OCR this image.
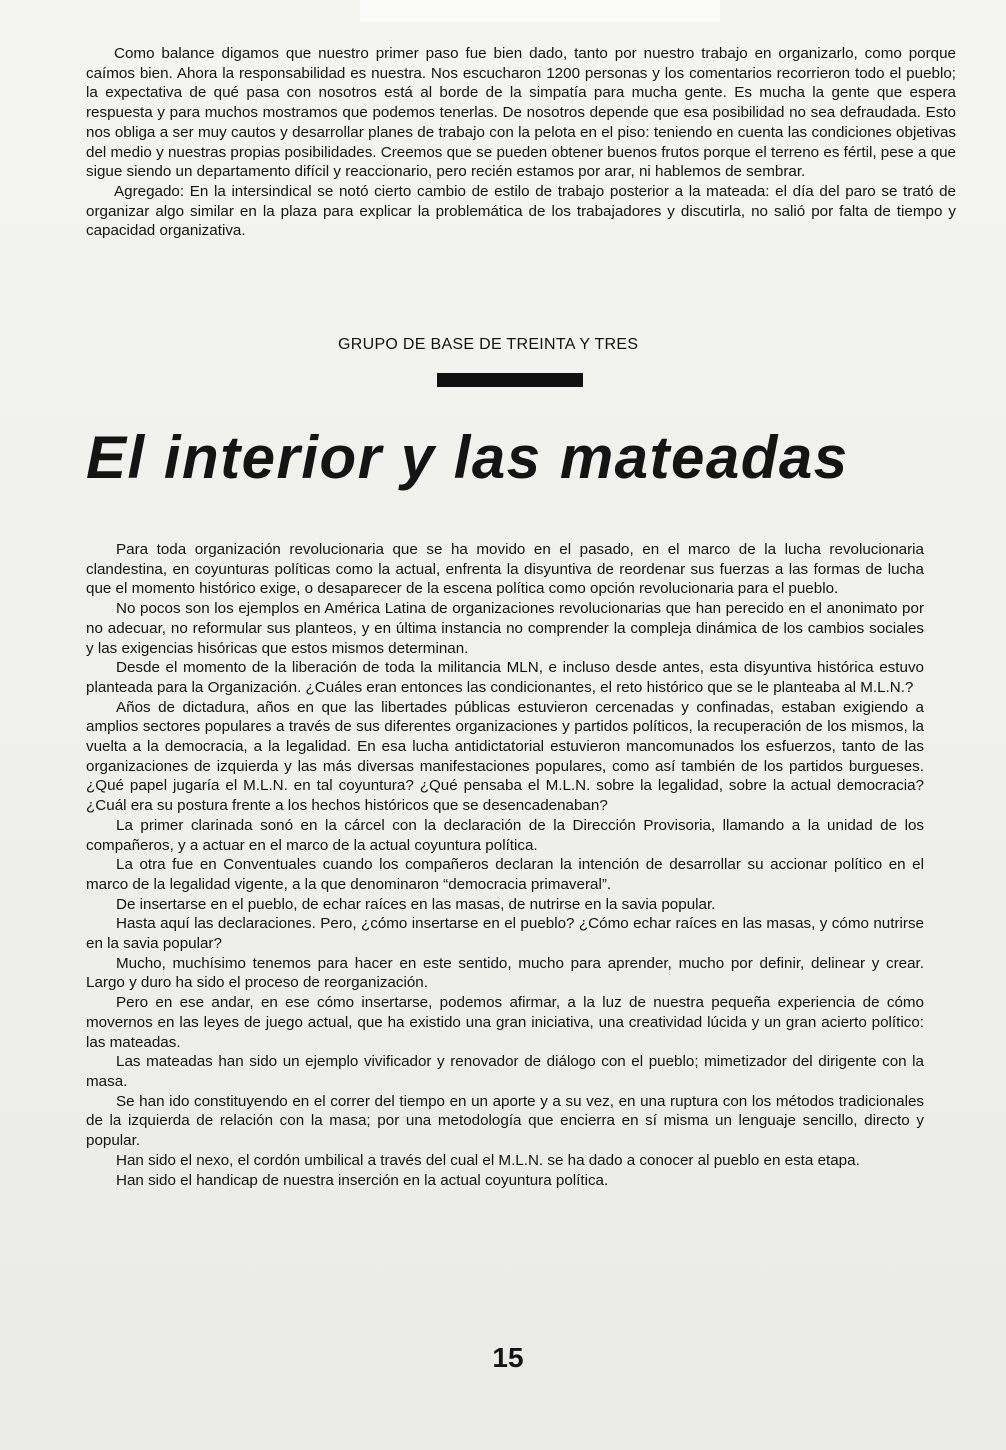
Como balance digamos que nuestro primer paso fue bien dado, tanto por nuestro trabajo en organizarlo, como porque caímos bien. Ahora la responsabilidad es nuestra. Nos escucharon 1200 personas y los comentarios recorrieron todo el pueblo; la expectativa de qué pasa con nosotros está al borde de la simpatía para mucha gente. Es mucha la gente que espera respuesta y para muchos mostramos que podemos tenerlas. De nosotros depende que esa posibilidad no sea defraudada. Esto nos obliga a ser muy cautos y desarrollar planes de trabajo con la pelota en el piso: teniendo en cuenta las condiciones objetivas del medio y nuestras propias posibilidades. Creemos que se pueden obtener buenos frutos porque el terreno es fértil, pese a que sigue siendo un departamento difícil y reaccionario, pero recién estamos por arar, ni hablemos de sembrar.

Agregado: En la intersindical se notó cierto cambio de estilo de trabajo posterior a la mateada: el día del paro se trató de organizar algo similar en la plaza para explicar la problemática de los trabajadores y discutirla, no salió por falta de tiempo y capacidad organizativa.

GRUPO DE BASE DE TREINTA Y TRES
El interior y las mateadas

Para toda organización revolucionaria que se ha movido en el pasado, en el marco de la lucha revolucionaria clandestina, en coyunturas políticas como la actual, enfrenta la disyuntiva de reordenar sus fuerzas a las formas de lucha que el momento histórico exige, o desaparecer de la escena política como opción revolucionaria para el pueblo.

No pocos son los ejemplos en América Latina de organizaciones revolucionarias que han perecido en el anonimato por no adecuar, no reformular sus planteos, y en última instancia no comprender la compleja dinámica de los cambios sociales y las exigencias hisóricas que estos mismos determinan.

Desde el momento de la liberación de toda la militancia MLN, e incluso desde antes, esta disyuntiva histórica estuvo planteada para la Organización. ¿Cuáles eran entonces las condicionantes, el reto histórico que se le planteaba al M.L.N.?

Años de dictadura, años en que las libertades públicas estuvieron cercenadas y confinadas, estaban exigiendo a amplios sectores populares a través de sus diferentes organizaciones y partidos políticos, la recuperación de los mismos, la vuelta a la democracia, a la legalidad. En esa lucha antidictatorial estuvieron mancomunados los esfuerzos, tanto de las organizaciones de izquierda y las más diversas manifestaciones populares, como así también de los partidos burgueses. ¿Qué papel jugaría el M.L.N. en tal coyuntura? ¿Qué pensaba el M.L.N. sobre la legalidad, sobre la actual democracia? ¿Cuál era su postura frente a los hechos históricos que se desencadenaban?

La primer clarinada sonó en la cárcel con la declaración de la Dirección Provisoria, llamando a la unidad de los compañeros, y a actuar en el marco de la actual coyuntura política.

La otra fue en Conventuales cuando los compañeros declaran la intención de desarrollar su accionar político en el marco de la legalidad vigente, a la que denominaron “democracia primaveral”.

De insertarse en el pueblo, de echar raíces en las masas, de nutrirse en la savia popular.

Hasta aquí las declaraciones. Pero, ¿cómo insertarse en el pueblo? ¿Cómo echar raíces en las masas, y cómo nutrirse en la savia popular?

Mucho, muchísimo tenemos para hacer en este sentido, mucho para aprender, mucho por definir, delinear y crear. Largo y duro ha sido el proceso de reorganización.

Pero en ese andar, en ese cómo insertarse, podemos afirmar, a la luz de nuestra pequeña experiencia de cómo movernos en las leyes de juego actual, que ha existido una gran iniciativa, una creatividad lúcida y un gran acierto político: las mateadas.

Las mateadas han sido un ejemplo vivificador y renovador de diálogo con el pueblo; mimetizador del dirigente con la masa.

Se han ido constituyendo en el correr del tiempo en un aporte y a su vez, en una ruptura con los métodos tradicionales de la izquierda de relación con la masa; por una metodología que encierra en sí misma un lenguaje sencillo, directo y popular.

Han sido el nexo, el cordón umbilical a través del cual el M.L.N. se ha dado a conocer al pueblo en esta etapa.

Han sido el handicap de nuestra inserción en la actual coyuntura política.

15
